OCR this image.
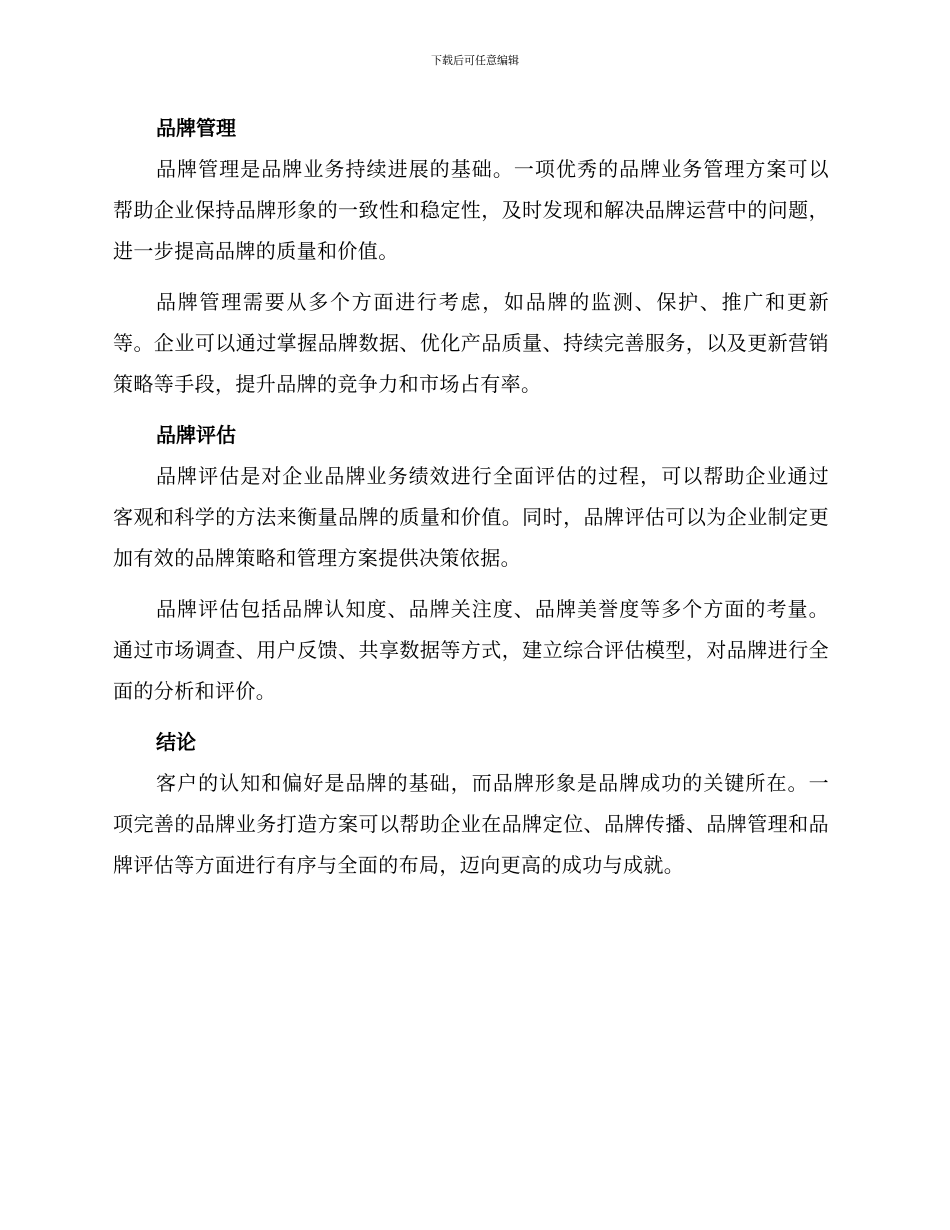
下载后可任意编辑
品牌管理

品牌管理是品牌业务持续进展的基础。一项优秀的品牌业务管理方案可以帮助企业保持品牌形象的一致性和稳定性，及时发现和解决品牌运营中的问题，进一步提高品牌的质量和价值。

品牌管理需要从多个方面进行考虑，如品牌的监测、保护、推广和更新等。企业可以通过掌握品牌数据、优化产品质量、持续完善服务，以及更新营销策略等手段，提升品牌的竞争力和市场占有率。

品牌评估

品牌评估是对企业品牌业务绩效进行全面评估的过程，可以帮助企业通过客观和科学的方法来衡量品牌的质量和价值。同时，品牌评估可以为企业制定更加有效的品牌策略和管理方案提供决策依据。

品牌评估包括品牌认知度、品牌关注度、品牌美誉度等多个方面的考量。通过市场调查、用户反馈、共享数据等方式，建立综合评估模型，对品牌进行全面的分析和评价。

结论

客户的认知和偏好是品牌的基础，而品牌形象是品牌成功的关键所在。一项完善的品牌业务打造方案可以帮助企业在品牌定位、品牌传播、品牌管理和品牌评估等方面进行有序与全面的布局，迈向更高的成功与成就。
